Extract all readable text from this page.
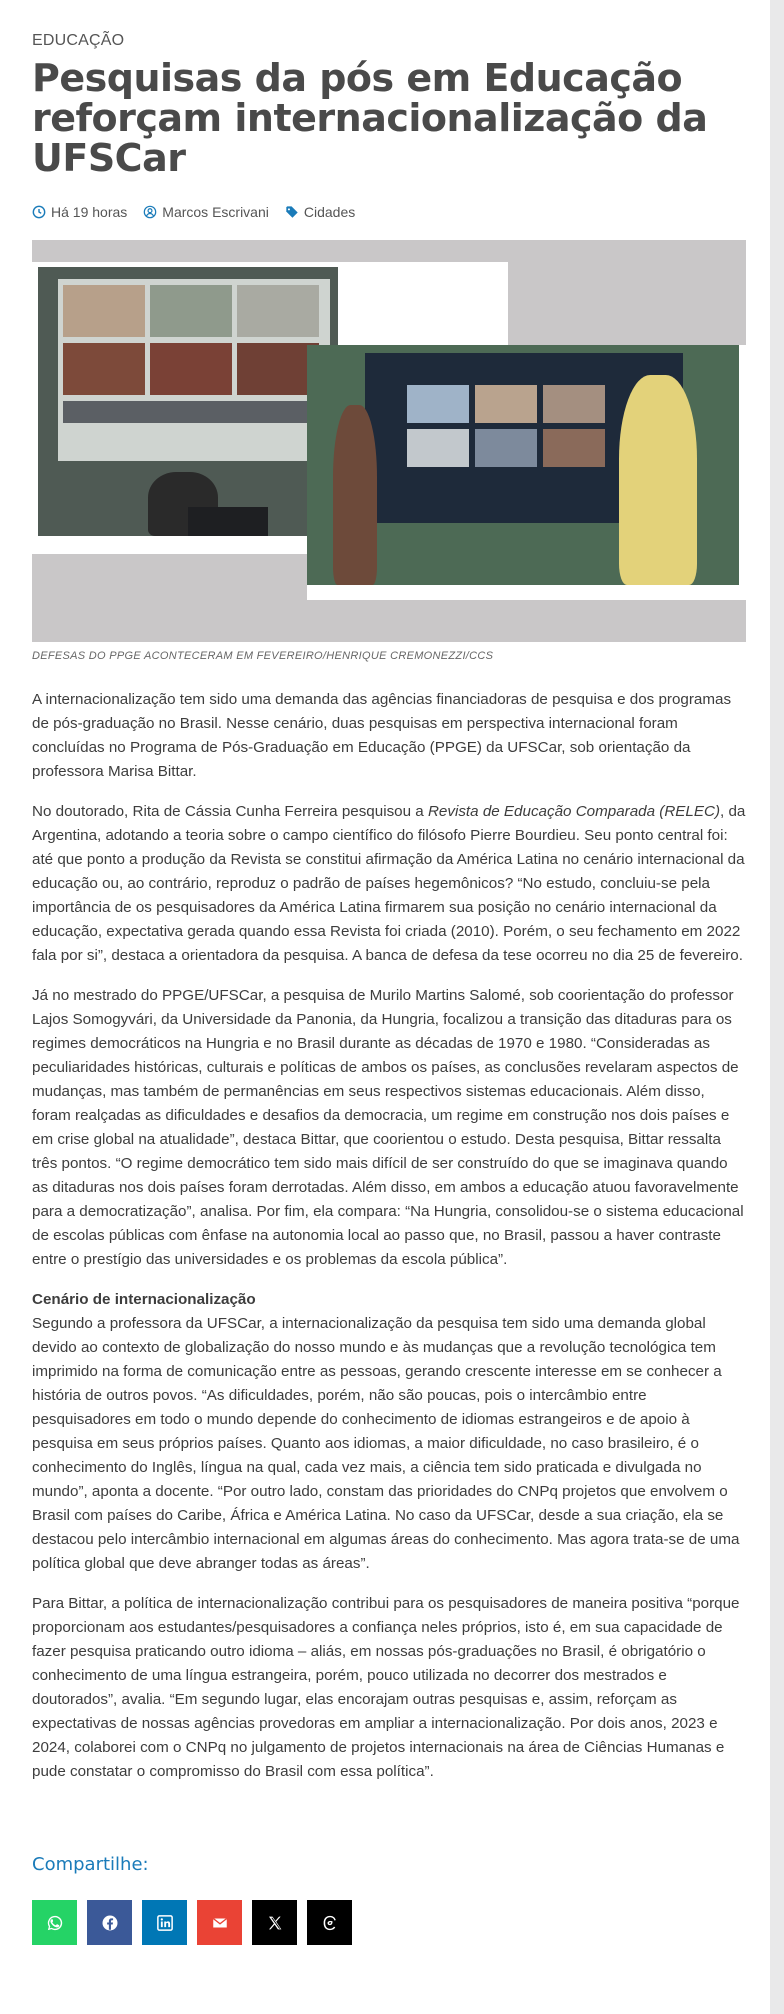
EDUCAÇÃO
Pesquisas da pós em Educação reforçam internacionalização da UFSCar
Há 19 horas	Marcos Escrivani	Cidades
DEFESAS DO PPGE ACONTECERAM EM FEVEREIRO/HENRIQUE CREMONEZZI/CCS

A internacionalização tem sido uma demanda das agências financiadoras de pesquisa e dos programas de pós-graduação no Brasil. Nesse cenário, duas pesquisas em perspectiva internacional foram concluídas no Programa de Pós-Graduação em Educação (PPGE) da UFSCar, sob orientação da professora Marisa Bittar.

No doutorado, Rita de Cássia Cunha Ferreira pesquisou a Revista de Educação Comparada (RELEC), da Argentina, adotando a teoria sobre o campo científico do filósofo Pierre Bourdieu. Seu ponto central foi: até que ponto a produção da Revista se constitui afirmação da América Latina no cenário internacional da educação ou, ao contrário, reproduz o padrão de países hegemônicos? “No estudo, concluiu-se pela importância de os pesquisadores da América Latina firmarem sua posição no cenário internacional da educação, expectativa gerada quando essa Revista foi criada (2010). Porém, o seu fechamento em 2022 fala por si”, destaca a orientadora da pesquisa. A banca de defesa da tese ocorreu no dia 25 de fevereiro.

Já no mestrado do PPGE/UFSCar, a pesquisa de Murilo Martins Salomé, sob coorientação do professor Lajos Somogyvári, da Universidade da Panonia, da Hungria, focalizou a transição das ditaduras para os regimes democráticos na Hungria e no Brasil durante as décadas de 1970 e 1980. “Consideradas as peculiaridades históricas, culturais e políticas de ambos os países, as conclusões revelaram aspectos de mudanças, mas também de permanências em seus respectivos sistemas educacionais. Além disso, foram realçadas as dificuldades e desafios da democracia, um regime em construção nos dois países e em crise global na atualidade”, destaca Bittar, que coorientou o estudo. Desta pesquisa, Bittar ressalta três pontos. “O regime democrático tem sido mais difícil de ser construído do que se imaginava quando as ditaduras nos dois países foram derrotadas. Além disso, em ambos a educação atuou favoravelmente para a democratização”, analisa. Por fim, ela compara: “Na Hungria, consolidou-se o sistema educacional de escolas públicas com ênfase na autonomia local ao passo que, no Brasil, passou a haver contraste entre o prestígio das universidades e os problemas da escola pública”.

Cenário de internacionalização
Segundo a professora da UFSCar, a internacionalização da pesquisa tem sido uma demanda global devido ao contexto de globalização do nosso mundo e às mudanças que a revolução tecnológica tem imprimido na forma de comunicação entre as pessoas, gerando crescente interesse em se conhecer a história de outros povos. “As dificuldades, porém, não são poucas, pois o intercâmbio entre pesquisadores em todo o mundo depende do conhecimento de idiomas estrangeiros e de apoio à pesquisa em seus próprios países. Quanto aos idiomas, a maior dificuldade, no caso brasileiro, é o conhecimento do Inglês, língua na qual, cada vez mais, a ciência tem sido praticada e divulgada no mundo”, aponta a docente. “Por outro lado, constam das prioridades do CNPq projetos que envolvem o Brasil com países do Caribe, África e América Latina. No caso da UFSCar, desde a sua criação, ela se destacou pelo intercâmbio internacional em algumas áreas do conhecimento. Mas agora trata-se de uma política global que deve abranger todas as áreas”.

Para Bittar, a política de internacionalização contribui para os pesquisadores de maneira positiva “porque proporcionam aos estudantes/pesquisadores a confiança neles próprios, isto é, em sua capacidade de fazer pesquisa praticando outro idioma – aliás, em nossas pós-graduações no Brasil, é obrigatório o conhecimento de uma língua estrangeira, porém, pouco utilizada no decorrer dos mestrados e doutorados”, avalia. “Em segundo lugar, elas encorajam outras pesquisas e, assim, reforçam as expectativas de nossas agências provedoras em ampliar a internacionalização. Por dois anos, 2023 e 2024, colaborei com o CNPq no julgamento de projetos internacionais na área de Ciências Humanas e pude constatar o compromisso do Brasil com essa política”.

Compartilhe:
